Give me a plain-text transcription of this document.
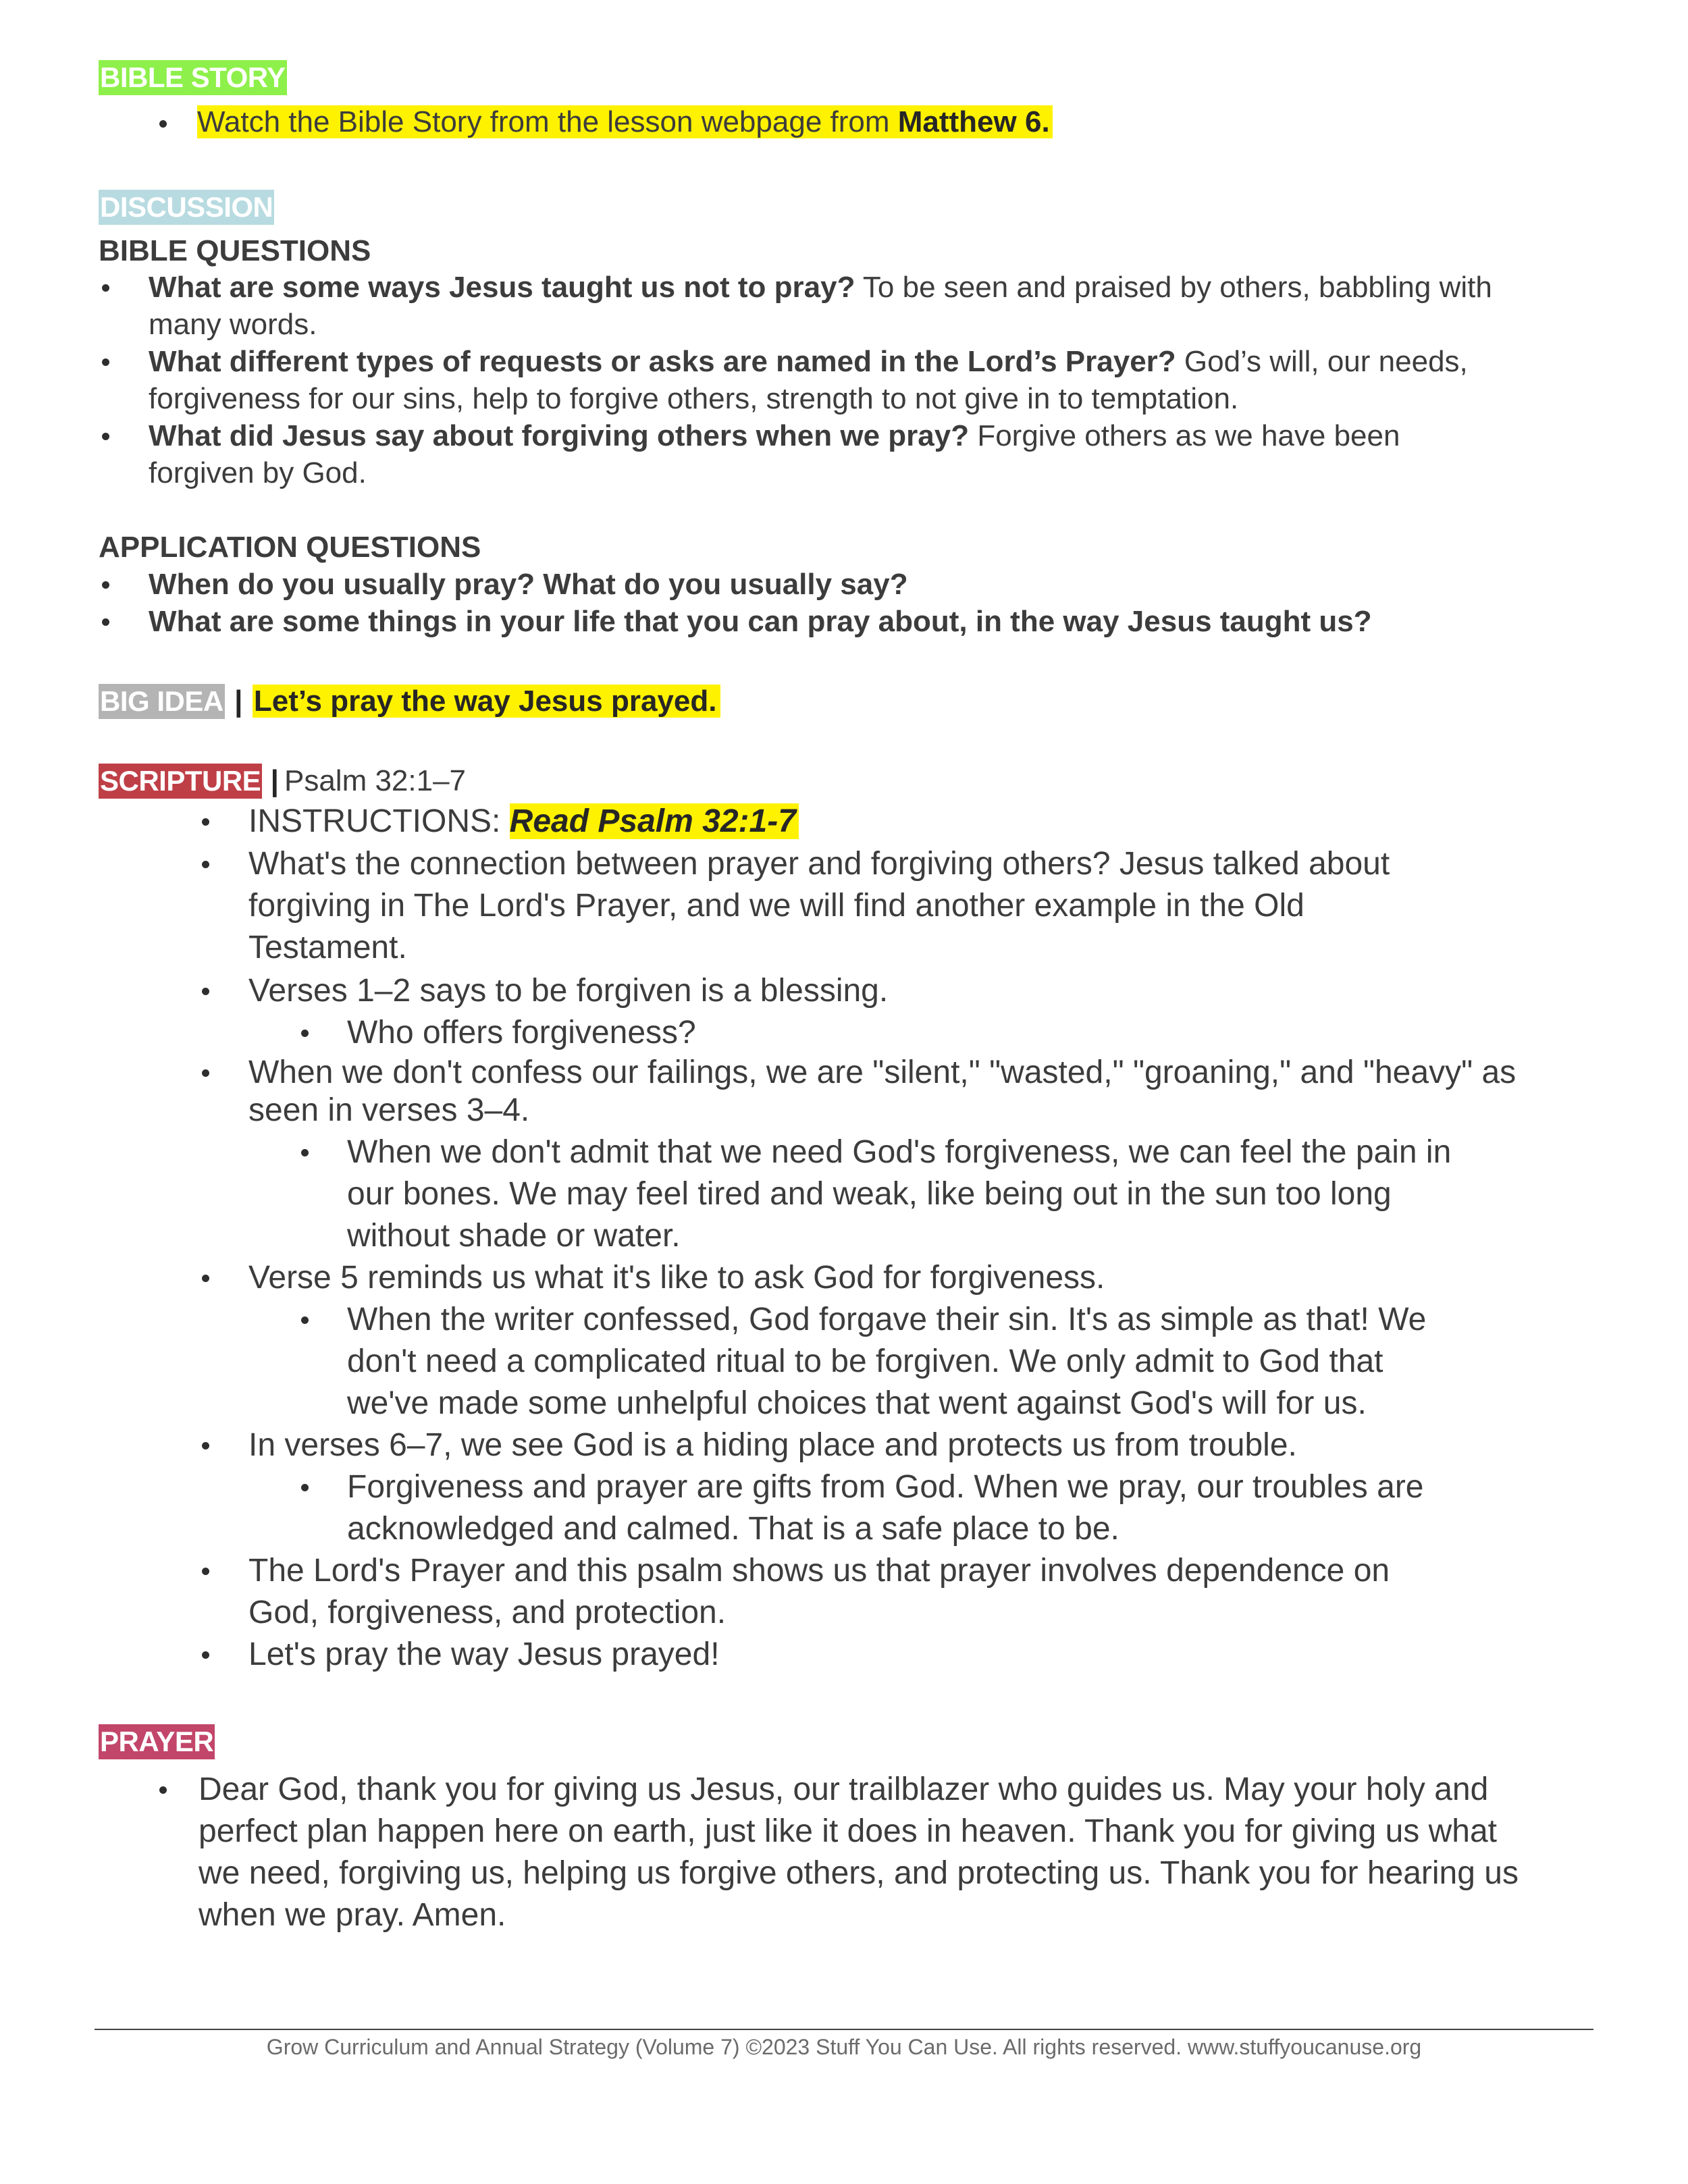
BIBLE STORY
Watch the Bible Story from the lesson webpage from Matthew 6.
DISCUSSION
BIBLE QUESTIONS
What are some ways Jesus taught us not to pray? To be seen and praised by others, babbling with
many words.
What different types of requests or asks are named in the Lord’s Prayer? God’s will, our needs,
forgiveness for our sins, help to forgive others, strength to not give in to temptation.
What did Jesus say about forgiving others when we pray? Forgive others as we have been
forgiven by God.
APPLICATION QUESTIONS
When do you usually pray? What do you usually say?
What are some things in your life that you can pray about, in the way Jesus taught us?
BIG IDEA | Let’s pray the way Jesus prayed.
SCRIPTURE | Psalm 32:1–7
INSTRUCTIONS: Read Psalm 32:1-7
What's the connection between prayer and forgiving others? Jesus talked about
forgiving in The Lord's Prayer, and we will find another example in the Old
Testament.
Verses 1–2 says to be forgiven is a blessing.
Who offers forgiveness?
When we don't confess our failings, we are "silent," "wasted," "groaning," and "heavy" as
seen in verses 3–4.
When we don't admit that we need God's forgiveness, we can feel the pain in
our bones. We may feel tired and weak, like being out in the sun too long
without shade or water.
Verse 5 reminds us what it's like to ask God for forgiveness.
When the writer confessed, God forgave their sin. It's as simple as that! We
don't need a complicated ritual to be forgiven. We only admit to God that
we've made some unhelpful choices that went against God's will for us.
In verses 6–7, we see God is a hiding place and protects us from trouble.
Forgiveness and prayer are gifts from God. When we pray, our troubles are
acknowledged and calmed. That is a safe place to be.
The Lord's Prayer and this psalm shows us that prayer involves dependence on
God, forgiveness, and protection.
Let's pray the way Jesus prayed!
PRAYER
Dear God, thank you for giving us Jesus, our trailblazer who guides us. May your holy and
perfect plan happen here on earth, just like it does in heaven. Thank you for giving us what
we need, forgiving us, helping us forgive others, and protecting us. Thank you for hearing us
when we pray. Amen.
Grow Curriculum and Annual Strategy (Volume 7) ©2023 Stuff You Can Use. All rights reserved. www.stuffyoucanuse.org
